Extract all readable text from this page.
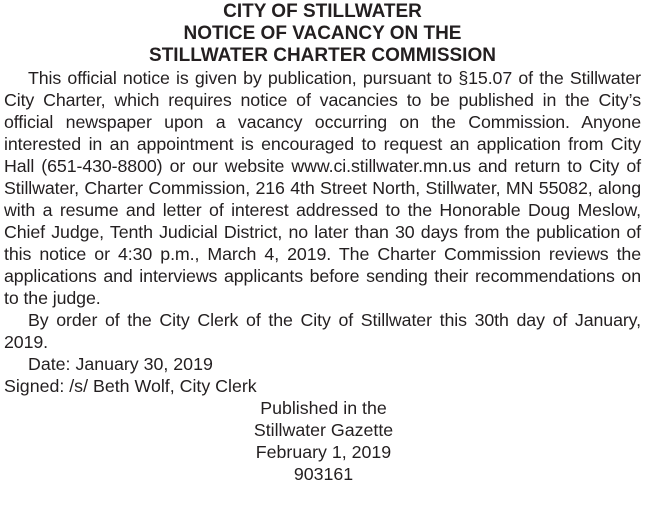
CITY OF STILLWATER

NOTICE OF VACANCY ON THE

STILLWATER CHARTER COMMISSION

This official notice is given by publication, pursuant to §15.07 of the Stillwater City Charter, which requires notice of vacancies to be published in the City’s official newspaper upon a vacancy occurring on the Commission. Anyone interested in an appointment is encouraged to request an application from City Hall (651-430-8800) or our website www.ci.stillwater.​mn.us and return to City of Stillwater, Charter Commission, 216 4th Street North, Stillwater, MN 55082, along with a resume and letter of interest addressed to the Honorable Doug Meslow, Chief Judge, Tenth Judicial District, no later than 30 days from the publication of this notice or 4:30 p.m., March 4, 2019. The Charter Commission reviews the applications and interviews applicants before sending their recommendations on to the judge.

By order of the City Clerk of the City of Stillwater this 30th day of January, 2019.

Date: January 30, 2019

Signed: /s/ Beth Wolf, City Clerk

Published in the

Stillwater Gazette

February 1, 2019

903161
